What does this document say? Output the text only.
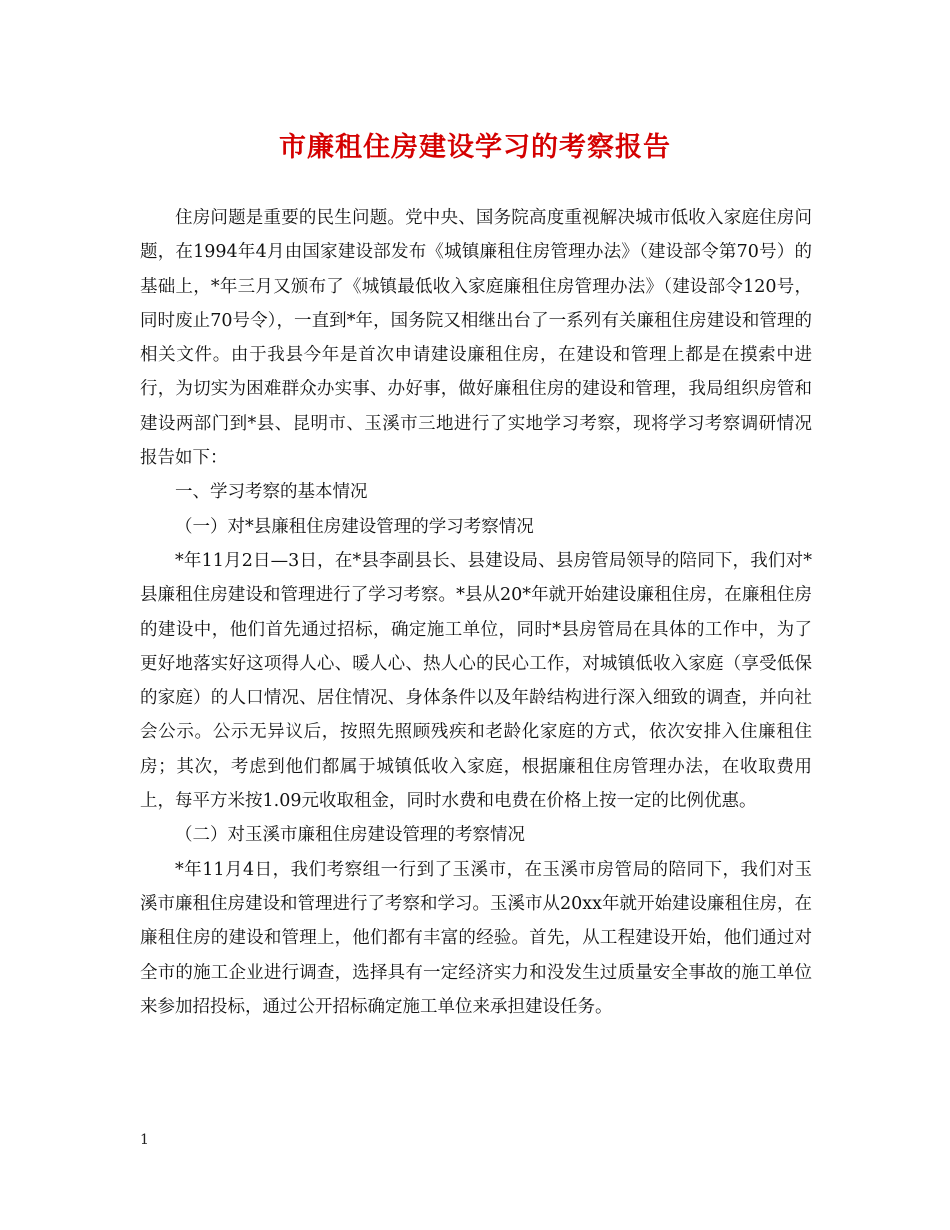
市廉租住房建设学习的考察报告

住房问题是重要的民生问题。党中央、国务院高度重视解决城市低收入家庭住房问题，在1994年4月由国家建设部发布《城镇廉租住房管理办法》（建设部令第70号）的基础上，*年三月又颁布了《城镇最低收入家庭廉租住房管理办法》（建设部令120号，同时废止70号令），一直到*年，国务院又相继出台了一系列有关廉租住房建设和管理的相关文件。由于我县今年是首次申请建设廉租住房，在建设和管理上都是在摸索中进行，为切实为困难群众办实事、办好事，做好廉租住房的建设和管理，我局组织房管和建设两部门到*县、昆明市、玉溪市三地进行了实地学习考察，现将学习考察调研情况报告如下：

一、学习考察的基本情况

（一）对*县廉租住房建设管理的学习考察情况

*年11月2日—3日，在*县李副县长、县建设局、县房管局领导的陪同下，我们对*县廉租住房建设和管理进行了学习考察。*县从20*年就开始建设廉租住房，在廉租住房的建设中，他们首先通过招标，确定施工单位，同时*县房管局在具体的工作中，为了更好地落实好这项得人心、暖人心、热人心的民心工作，对城镇低收入家庭（享受低保的家庭）的人口情况、居住情况、身体条件以及年龄结构进行深入细致的调查，并向社会公示。公示无异议后，按照先照顾残疾和老龄化家庭的方式，依次安排入住廉租住房；其次，考虑到他们都属于城镇低收入家庭，根据廉租住房管理办法，在收取费用上，每平方米按1.09元收取租金，同时水费和电费在价格上按一定的比例优惠。

（二）对玉溪市廉租住房建设管理的考察情况

*年11月4日，我们考察组一行到了玉溪市，在玉溪市房管局的陪同下，我们对玉溪市廉租住房建设和管理进行了考察和学习。玉溪市从20xx年就开始建设廉租住房，在廉租住房的建设和管理上，他们都有丰富的经验。首先，从工程建设开始，他们通过对全市的施工企业进行调查，选择具有一定经济实力和没发生过质量安全事故的施工单位来参加招投标，通过公开招标确定施工单位来承担建设任务。

1
